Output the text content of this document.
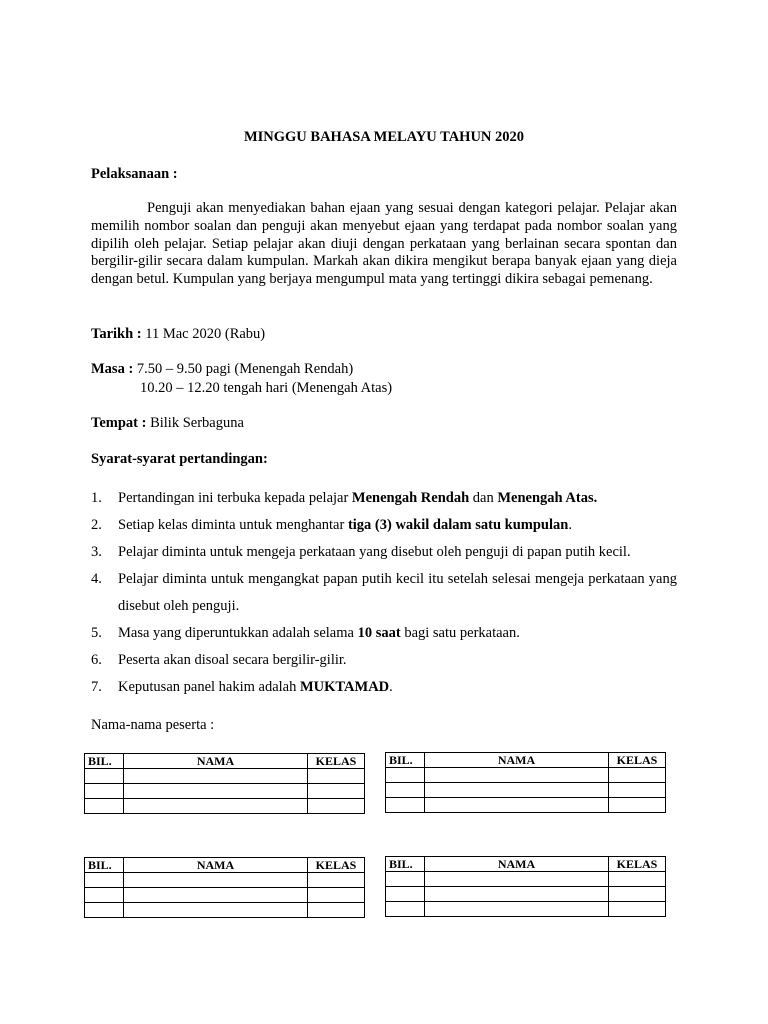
MINGGU BAHASA MELAYU TAHUN 2020
Pelaksanaan :
Penguji akan menyediakan bahan ejaan yang sesuai dengan kategori pelajar. Pelajar akan memilih nombor soalan dan penguji akan menyebut ejaan yang terdapat pada nombor soalan yang dipilih oleh pelajar. Setiap pelajar akan diuji dengan perkataan yang berlainan secara spontan dan bergilir-gilir secara dalam kumpulan. Markah akan dikira mengikut berapa banyak ejaan yang dieja dengan betul. Kumpulan yang berjaya mengumpul mata yang tertinggi dikira sebagai pemenang.
Tarikh : 11 Mac 2020 (Rabu)
Masa : 7.50 – 9.50 pagi (Menengah Rendah)
10.20 – 12.20 tengah hari (Menengah Atas)
Tempat : Bilik Serbaguna
Syarat-syarat pertandingan:
1. Pertandingan ini terbuka kepada pelajar Menengah Rendah dan Menengah Atas.
2. Setiap kelas diminta untuk menghantar tiga (3) wakil dalam satu kumpulan.
3. Pelajar diminta untuk mengeja perkataan yang disebut oleh penguji di papan putih kecil.
4. Pelajar diminta untuk mengangkat papan putih kecil itu setelah selesai mengeja perkataan yang disebut oleh penguji.
5. Masa yang diperuntukkan adalah selama 10 saat bagi satu perkataan.
6. Peserta akan disoal secara bergilir-gilir.
7. Keputusan panel hakim adalah MUKTAMAD.
Nama-nama peserta :
BIL.	NAMA	KELAS

			BIL.	NAMA	KELAS

BIL.	NAMA	KELAS

			BIL.	NAMA	KELAS
